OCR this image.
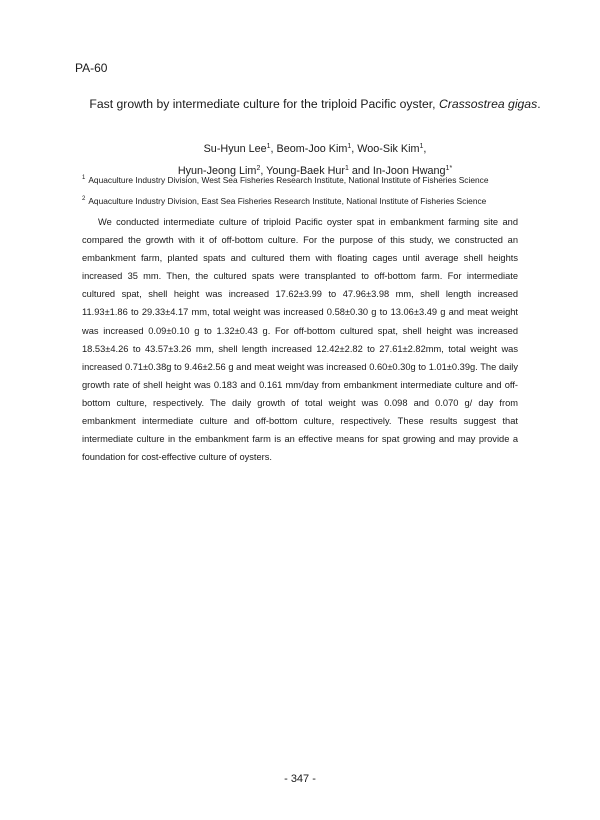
PA-60
Fast growth by intermediate culture for the triploid Pacific oyster, Crassostrea gigas.
Su-Hyun Lee$^1$, Beom-Joo Kim$^1$, Woo-Sik Kim$^1$,
Hyun-Jeong Lim$^2$, Young-Baek Hur$^1$ and In-Joon Hwang$^{1*}$
$^1$ Aquaculture Industry Division, West Sea Fisheries Research Institute, National Institute of Fisheries Science
$^2$ Aquaculture Industry Division, East Sea Fisheries Research Institute, National Institute of Fisheries Science

We conducted intermediate culture of triploid Pacific oyster spat in embankment farming site and compared the growth with it of off-bottom culture. For the purpose of this study, we constructed an embankment farm, planted spats and cultured them with floating cages until average shell heights increased 35 mm. Then, the cultured spats were transplanted to off-bottom farm. For intermediate cultured spat, shell height was increased 17.62±3.99 to 47.96±3.98 mm, shell length increased 11.93±1.86 to 29.33±4.17 mm, total weight was increased 0.58±0.30 g to 13.06±3.49 g and meat weight was increased 0.09±0.10 g to 1.32±0.43 g. For off-bottom cultured spat, shell height was increased 18.53±4.26 to 43.57±3.26 mm, shell length increased 12.42±2.82 to 27.61±2.82mm, total weight was increased 0.71±0.38g to 9.46±2.56 g and meat weight was increased 0.60±0.30g to 1.01±0.39g. The daily growth rate of shell height was 0.183 and 0.161 mm/day from embankment intermediate culture and off-bottom culture, respectively. The daily growth of total weight was 0.098 and 0.070 g/ day from embankment intermediate culture and off-bottom culture, respectively. These results suggest that intermediate culture in the embankment farm is an effective means for spat growing and may provide a foundation for cost-effective culture of oysters.

- 347 -
